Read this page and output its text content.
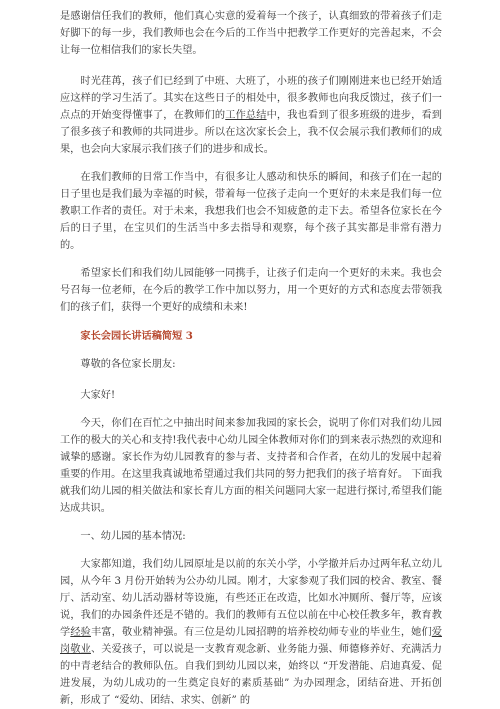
是感谢信任我们的教师，他们真心实意的爱着每一个孩子，认真细致的带着孩子们走好脚下的每一步，我们教师也会在今后的工作当中把教学工作更好的完善起来，不会让每一位相信我们的家长失望。

时光荏苒，孩子们已经到了中班、大班了，小班的孩子们刚刚进来也已经开始适应这样的学习生活了。其实在这些日子的相处中，很多教师也向我反馈过，孩子们一点点的开始变得懂事了，在教师们的工作总结中，我也看到了很多班级的进步，看到了很多孩子和教师的共同进步。所以在这次家长会上，我不仅会展示我们教师们的成果，也会向大家展示我们孩子们的进步和成长。

在我们教师的日常工作当中，有很多让人感动和快乐的瞬间，和孩子们在一起的日子里也是我们最为幸福的时候，带着每一位孩子走向一个更好的未来是我们每一位教职工作者的责任。对于未来，我想我们也会不知疲惫的走下去。希望各位家长在今后的日子里，在宝贝们的生活当中多去指导和观察，每个孩子其实都是非常有潜力的。

希望家长们和我们幼儿园能够一同携手，让孩子们走向一个更好的未来。我也会号召每一位老师，在今后的教学工作中加以努力，用一个更好的方式和态度去带领我们的孩子们，获得一个更好的成绩和未来!

家长会园长讲话稿简短 3

尊敬的各位家长朋友:

大家好!

今天，你们在百忙之中抽出时间来参加我园的家长会，说明了你们对我们幼儿园工作的极大的关心和支持!我代表中心幼儿园全体教师对你们的到来表示热烈的欢迎和诚挚的感谢。家长作为幼儿园教育的参与者、支持者和合作者，在幼儿的发展中起着重要的作用。在这里我真诚地希望通过我们共同的努力把我们的孩子培育好。 下面我就我们幼儿园的相关做法和家长育儿方面的相关问题同大家一起进行探讨,希望我们能达成共识。

一、幼儿园的基本情况:

大家都知道，我们幼儿园原址是以前的东关小学，小学撤并后办过两年私立幼儿园，从今年 3 月份开始转为公办幼儿园。刚才，大家参观了我们园的校舍、教室、餐厅、活动室、幼儿活动器材等设施，有些还正在改造，比如水冲厕所、餐厅等，应该说，我们的办园条件还是不错的。我们的教师有五位以前在中心校任教多年，教育教学经验丰富，敬业精神强。有三位是幼儿园招聘的培养校幼师专业的毕业生，她们爱岗敬业、关爱孩子，可以说是一支教育观念新、业务能力强、师德修养好、充满活力的中青老结合的教师队伍。自我们到幼儿园以来，始终以 “开发潜能、启迪真爱、促进发展，为幼儿成功的一生奠定良好的素质基础” 为办园理念，团结奋进、开拓创新，形成了 “爱幼、团结、求实、创新” 的
